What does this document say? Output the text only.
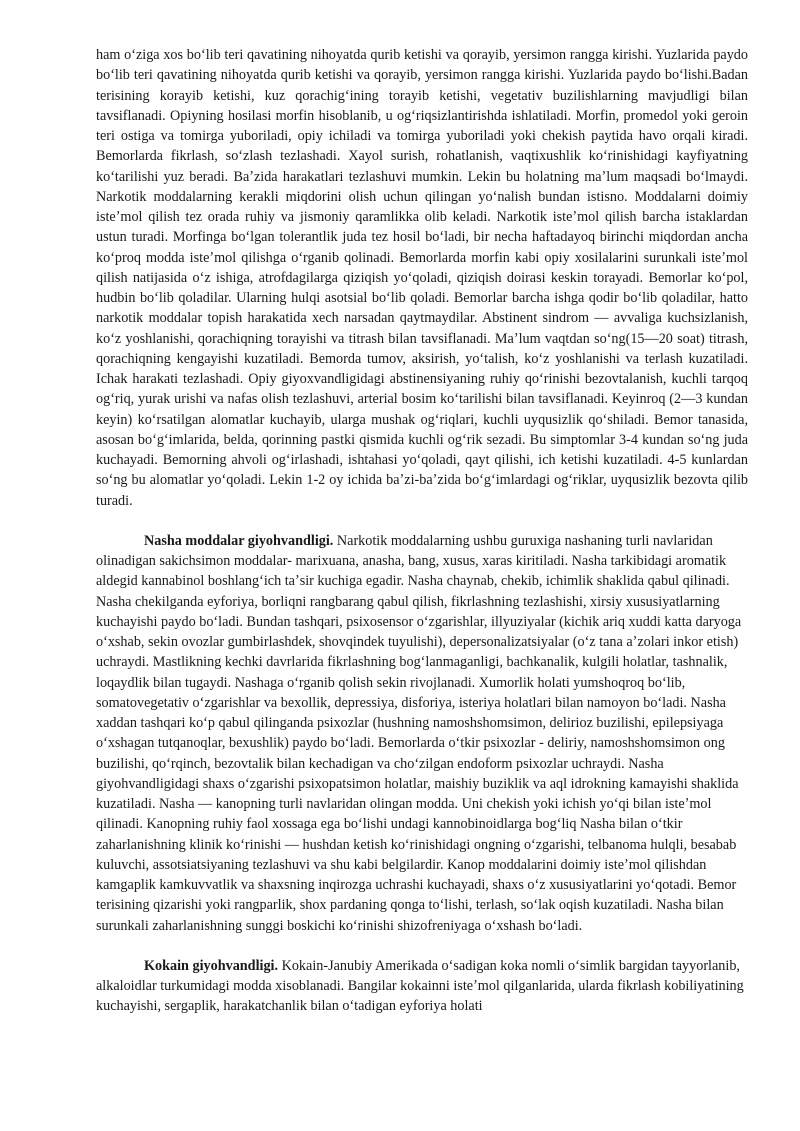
ham oʻziga xos boʻlib teri qavatining nihoyatda qurib ketishi va qorayib, yersimon rangga kirishi. Yuzlarida paydo boʻlib teri qavatining nihoyatda qurib ketishi va qorayib, yersimon rangga kirishi. Yuzlarida paydo boʻlishi.Badan terisining korayib ketishi, kuz qorachigʻining torayib ketishi, vegetativ buzilishlarning mavjudligi bilan tavsiflanadi. Opiyning hosilasi morfin hisoblanib, u ogʻriqsizlantirishda ishlatiladi. Morfin, promedol yoki geroin teri ostiga va tomirga yuboriladi, opiy ichiladi va tomirga yuboriladi yoki chekish paytida havo orqali kiradi. Bemorlarda fikrlash, soʻzlash tezlashadi. Xayol surish, rohatlanish, vaqtixushlik koʻrinishidagi kayfiyatning koʻtarilishi yuz beradi. Baʼzida harakatlari tezlashuvi mumkin. Lekin bu holatning maʼlum maqsadi boʻlmaydi. Narkotik moddalarning kerakli miqdorini olish uchun qilingan yoʻnalish bundan istisno. Moddalarni doimiy isteʼmol qilish tez orada ruhiy va jismoniy qaramlikka olib keladi. Narkotik isteʼmol qilish barcha istaklardan ustun turadi. Morfinga boʻlgan tolerantlik juda tez hosil boʻladi, bir necha haftadayoq birinchi miqdordan ancha koʻproq modda isteʼmol qilishga oʻrganib qolinadi. Bemorlarda morfin kabi opiy xosilalarini surunkali isteʼmol qilish natijasida oʻz ishiga, atrofdagilarga qiziqish yoʻqoladi, qiziqish doirasi keskin torayadi. Bemorlar koʻpol, hudbin boʻlib qoladilar. Ularning hulqi asotsial boʻlib qoladi. Bemorlar barcha ishga qodir boʻlib qoladilar, hatto narkotik moddalar topish harakatida xech narsadan qaytmaydilar. Abstinent sindrom — avvaliga kuchsizlanish, koʻz yoshlanishi, qorachiqning torayishi va titrash bilan tavsiflanadi. Maʼlum vaqtdan soʻng(15—20 soat) titrash, qorachiqning kengayishi kuzatiladi. Bemorda tumov, aksirish, yoʻtalish, koʻz yoshlanishi va terlash kuzatiladi. Ichak harakati tezlashadi. Opiy giyoxvandligidagi abstinensiyaning ruhiy qoʻrinishi bezovtalanish, kuchli tarqoq ogʻriq, yurak urishi va nafas olish tezlashuvi, arterial bosim koʻtarilishi bilan tavsiflanadi. Keyinroq (2—3 kundan keyin) koʻrsatilgan alomatlar kuchayib, ularga mushak ogʻriqlari, kuchli uyqusizlik qoʻshiladi. Bemor tanasida, asosan boʻgʻimlarida, belda, qorinning pastki qismida kuchli ogʻrik sezadi. Bu simptomlar 3-4 kundan soʻng juda kuchayadi. Bemorning ahvoli ogʻirlashadi, ishtahasi yoʻqoladi, qayt qilishi, ich ketishi kuzatiladi. 4-5 kunlardan soʻng bu alomatlar yoʻqoladi. Lekin 1-2 oy ichida baʼzi-baʼzida boʻgʻimlardagi ogʻriklar, uyqusizlik bezovta qilib turadi.

Nasha moddalar giyohvandligi. Narkotik moddalarning ushbu guruxiga nashaning turli navlaridan olinadigan sakichsimon moddalar- marixuana, anasha, bang, xusus, xaras kiritiladi. Nasha tarkibidagi aromatik aldegid kannabinol boshlangʻich taʼsir kuchiga egadir. Nasha chaynab, chekib, ichimlik shaklida qabul qilinadi. Nasha chekilganda eyforiya, borliqni rangbarang qabul qilish, fikrlashning tezlashishi, xirsiy xususiyatlarning kuchayishi paydo boʻladi. Bundan tashqari, psixosensor oʻzgarishlar, illyuziyalar (kichik ariq xuddi katta daryoga oʻxshab, sekin ovozlar gumbirlashdek, shovqindek tuyulishi), depersonalizatsiyalar (oʻz tana aʼzolari inkor etish) uchraydi. Mastlikning kechki davrlarida fikrlashning bogʻlanmaganligi, bachkanalik, kulgili holatlar, tashnalik, loqaydlik bilan tugaydi. Nashaga oʻrganib qolish sekin rivojlanadi. Xumorlik holati yumshoqroq boʻlib, somatovegetativ oʻzgarishlar va bexollik, depressiya, disforiya, isteriya holatlari bilan namoyon boʻladi. Nasha xaddan tashqari koʻp qabul qilinganda psixozlar (hushning namoshshomsimon, delirioz buzilishi, epilepsiyaga oʻxshagan tutqanoqlar, bexushlik) paydo boʻladi. Bemorlarda oʻtkir psixozlar - deliriy, namoshshomsimon ong buzilishi, qoʻrqinch, bezovtalik bilan kechadigan va choʻzilgan endoform psixozlar uchraydi. Nasha giyohvandligidagi shaxs oʻzgarishi psixopatsimon holatlar, maishiy buziklik va aql idrokning kamayishi shaklida kuzatiladi. Nasha — kanopning turli navlaridan olingan modda. Uni chekish yoki ichish yoʻqi bilan isteʼmol qilinadi. Kanopning ruhiy faol xossaga ega boʻlishi undagi kannobinoidlarga bogʻliq Nasha bilan oʻtkir zaharlanishning klinik koʻrinishi — hushdan ketish koʻrinishidagi ongning oʻzgarishi, telbanoma hulqli, besabab kuluvchi, assotsiatsiyaning tezlashuvi va shu kabi belgilardir. Kanop moddalarini doimiy isteʼmol qilishdan kamgaplik kamkuvvatlik va shaxsning inqirozga uchrashi kuchayadi, shaxs oʻz xususiyatlarini yoʻqotadi. Bemor terisining qizarishi yoki rangparlik, shox pardaning qonga toʻlishi, terlash, soʻlak oqish kuzatiladi. Nasha bilan surunkali zaharlanishning sunggi boskichi koʻrinishi shizofreniyaga oʻxshash boʻladi.

Kokain giyohvandligi. Kokain-Janubiy Amerikada oʻsadigan koka nomli oʻsimlik bargidan tayyorlanib, alkaloidlar turkumidagi modda xisoblanadi. Bangilar kokainni isteʼmol qilganlarida, ularda fikrlash kobiliyatining kuchayishi, sergaplik, harakatchanlik bilan oʻtadigan eyforiya holati
